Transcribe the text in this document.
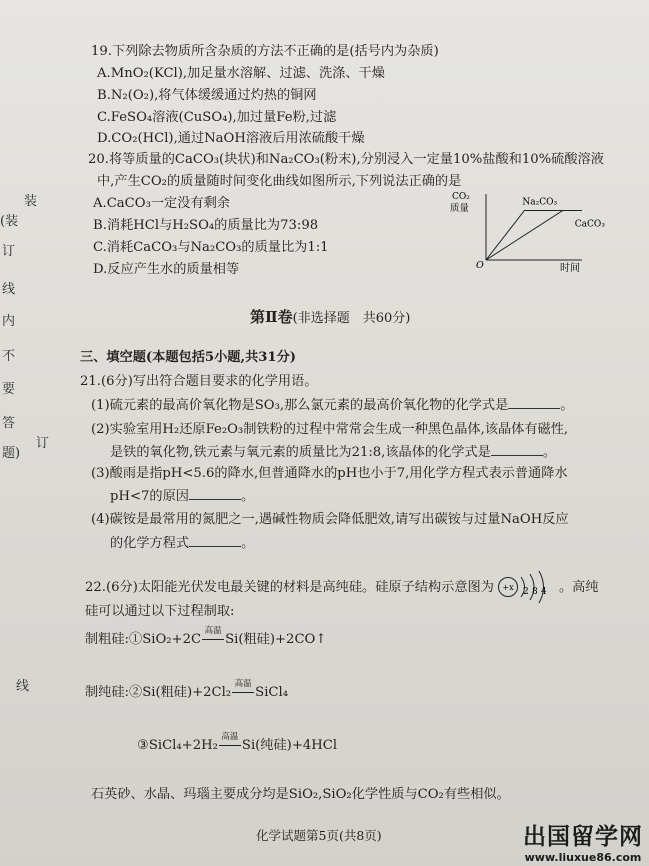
装
(装
订
线
内
不
要
答
题)
订
线
19.下列除去物质所含杂质的方法不正确的是(括号内为杂质)
A.MnO₂(KCl),加足量水溶解、过滤、洗涤、干燥
B.N₂(O₂),将气体缓缓通过灼热的铜网
C.FeSO₄溶液(CuSO₄),加过量Fe粉,过滤
D.CO₂(HCl),通过NaOH溶液后用浓硫酸干燥
20.将等质量的CaCO₃(块状)和Na₂CO₃(粉末),分别浸入一定量10%盐酸和10%硫酸溶液
中,产生CO₂的质量随时间变化曲线如图所示,下列说法正确的是
A.CaCO₃一定没有剩余
B.消耗HCl与H₂SO₄的质量比为73:98
C.消耗CaCO₃与Na₂CO₃的质量比为1:1
D.反应产生水的质量相等
CO₂
质量
O	时间
Na₂CO₃
CaCO₃
第Ⅱ卷(非选择题　共60分)
三、填空题(本题包括5小题,共31分)
21.(6分)写出符合题目要求的化学用语。
(1)硫元素的最高价氧化物是SO₃,那么氯元素的最高价氧化物的化学式是	。
(2)实验室用H₂还原Fe₂O₃制铁粉的过程中常常会生成一种黑色晶体,该晶体有磁性,
是铁的氧化物,铁元素与氧元素的质量比为21:8,该晶体的化学式是	。
(3)酸雨是指pH<5.6的降水,但普通降水的pH也小于7,用化学方程式表示普通降水
pH<7的原因	。
(4)碳铵是最常用的氮肥之一,遇碱性物质会降低肥效,请写出碳铵与过量NaOH反应
的化学方程式	。
22.(6分)太阳能光伏发电最关键的材料是高纯硅。硅原子结构示意图为 +x 2 8 4 。高纯
硅可以通过以下过程制取:
制粗硅:①SiO₂+2C
高温
Si(粗硅)+2CO↑
制纯硅:②Si(粗硅)+2Cl₂
高温
SiCl₄
③SiCl₄+2H₂
高温
Si(纯硅)+4HCl
石英砂、水晶、玛瑙主要成分均是SiO₂,SiO₂化学性质与CO₂有些相似。
化学试题第5页(共8页)	出国留学网
www.liuxue86.com
